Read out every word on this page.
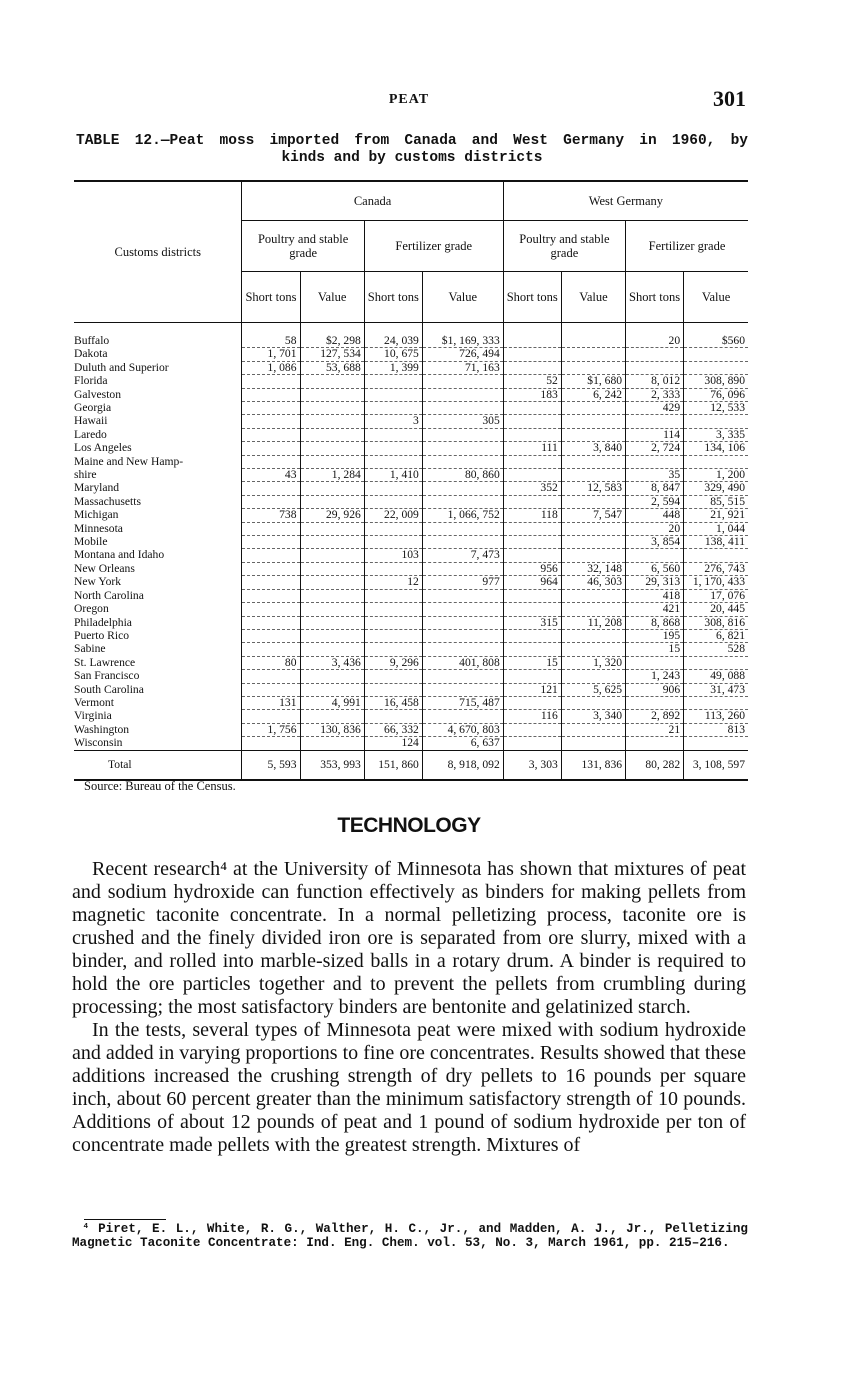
PEAT	301
TABLE 12.—Peat moss imported from Canada and West Germany in 1960, by
kinds and by customs districts
Customs districts	Canada				West Germany			
	Poultry and stable grade		Fertilizer grade		Poultry and stable grade		Fertilizer grade	
	Short tons	Value	Short tons	Value	Short tons	Value	Short tons	Value
Buffalo	58	$2, 298	24, 039	$1, 169, 333			20	$560
Dakota	1, 701	127, 534	10, 675	726, 494				
Duluth and Superior	1, 086	53, 688	1, 399	71, 163				
Florida					52	$1, 680	8, 012	308, 890
Galveston					183	6, 242	2, 333	76, 096
Georgia							429	12, 533
Hawaii			3	305				
Laredo							114	3, 335
Los Angeles					111	3, 840	2, 724	134, 106
Maine and New Hamp-								
shire	43	1, 284	1, 410	80, 860			35	1, 200
Maryland					352	12, 583	8, 847	329, 490
Massachusetts							2, 594	85, 515
Michigan	738	29, 926	22, 009	1, 066, 752	118	7, 547	448	21, 921
Minnesota							20	1, 044
Mobile							3, 854	138, 411
Montana and Idaho			103	7, 473				
New Orleans					956	32, 148	6, 560	276, 743
New York			12	977	964	46, 303	29, 313	1, 170, 433
North Carolina							418	17, 076
Oregon							421	20, 445
Philadelphia					315	11, 208	8, 868	308, 816
Puerto Rico							195	6, 821
Sabine							15	528
St. Lawrence	80	3, 436	9, 296	401, 808	15	1, 320		
San Francisco							1, 243	49, 088
South Carolina					121	5, 625	906	31, 473
Vermont	131	4, 991	16, 458	715, 487				
Virginia					116	3, 340	2, 892	113, 260
Washington	1, 756	130, 836	66, 332	4, 670, 803			21	813
Wisconsin			124	6, 637				
Total	5, 593	353, 993	151, 860	8, 918, 092	3, 303	131, 836	80, 282	3, 108, 597
Source: Bureau of the Census.
TECHNOLOGY

Recent research⁴ at the University of Minnesota has shown that mixtures of peat and sodium hydroxide can function effectively as binders for making pellets from magnetic taconite concentrate. In a normal pelletizing process, taconite ore is crushed and the finely divided iron ore is separated from ore slurry, mixed with a binder, and rolled into marble-sized balls in a rotary drum. A binder is required to hold the ore particles together and to prevent the pellets from crumbling during processing; the most satisfactory binders are bentonite and gelatinized starch.

In the tests, several types of Minnesota peat were mixed with sodium hydroxide and added in varying proportions to fine ore concentrates. Results showed that these additions increased the crushing strength of dry pellets to 16 pounds per square inch, about 60 percent greater than the minimum satisfactory strength of 10 pounds. Additions of about 12 pounds of peat and 1 pound of sodium hydroxide per ton of concentrate made pellets with the greatest strength. Mixtures of

⁴ Piret, E. L., White, R. G., Walther, H. C., Jr., and Madden, A. J., Jr., Pelletizing Magnetic Taconite Concentrate: Ind. Eng. Chem. vol. 53, No. 3, March 1961, pp. 215–216.
